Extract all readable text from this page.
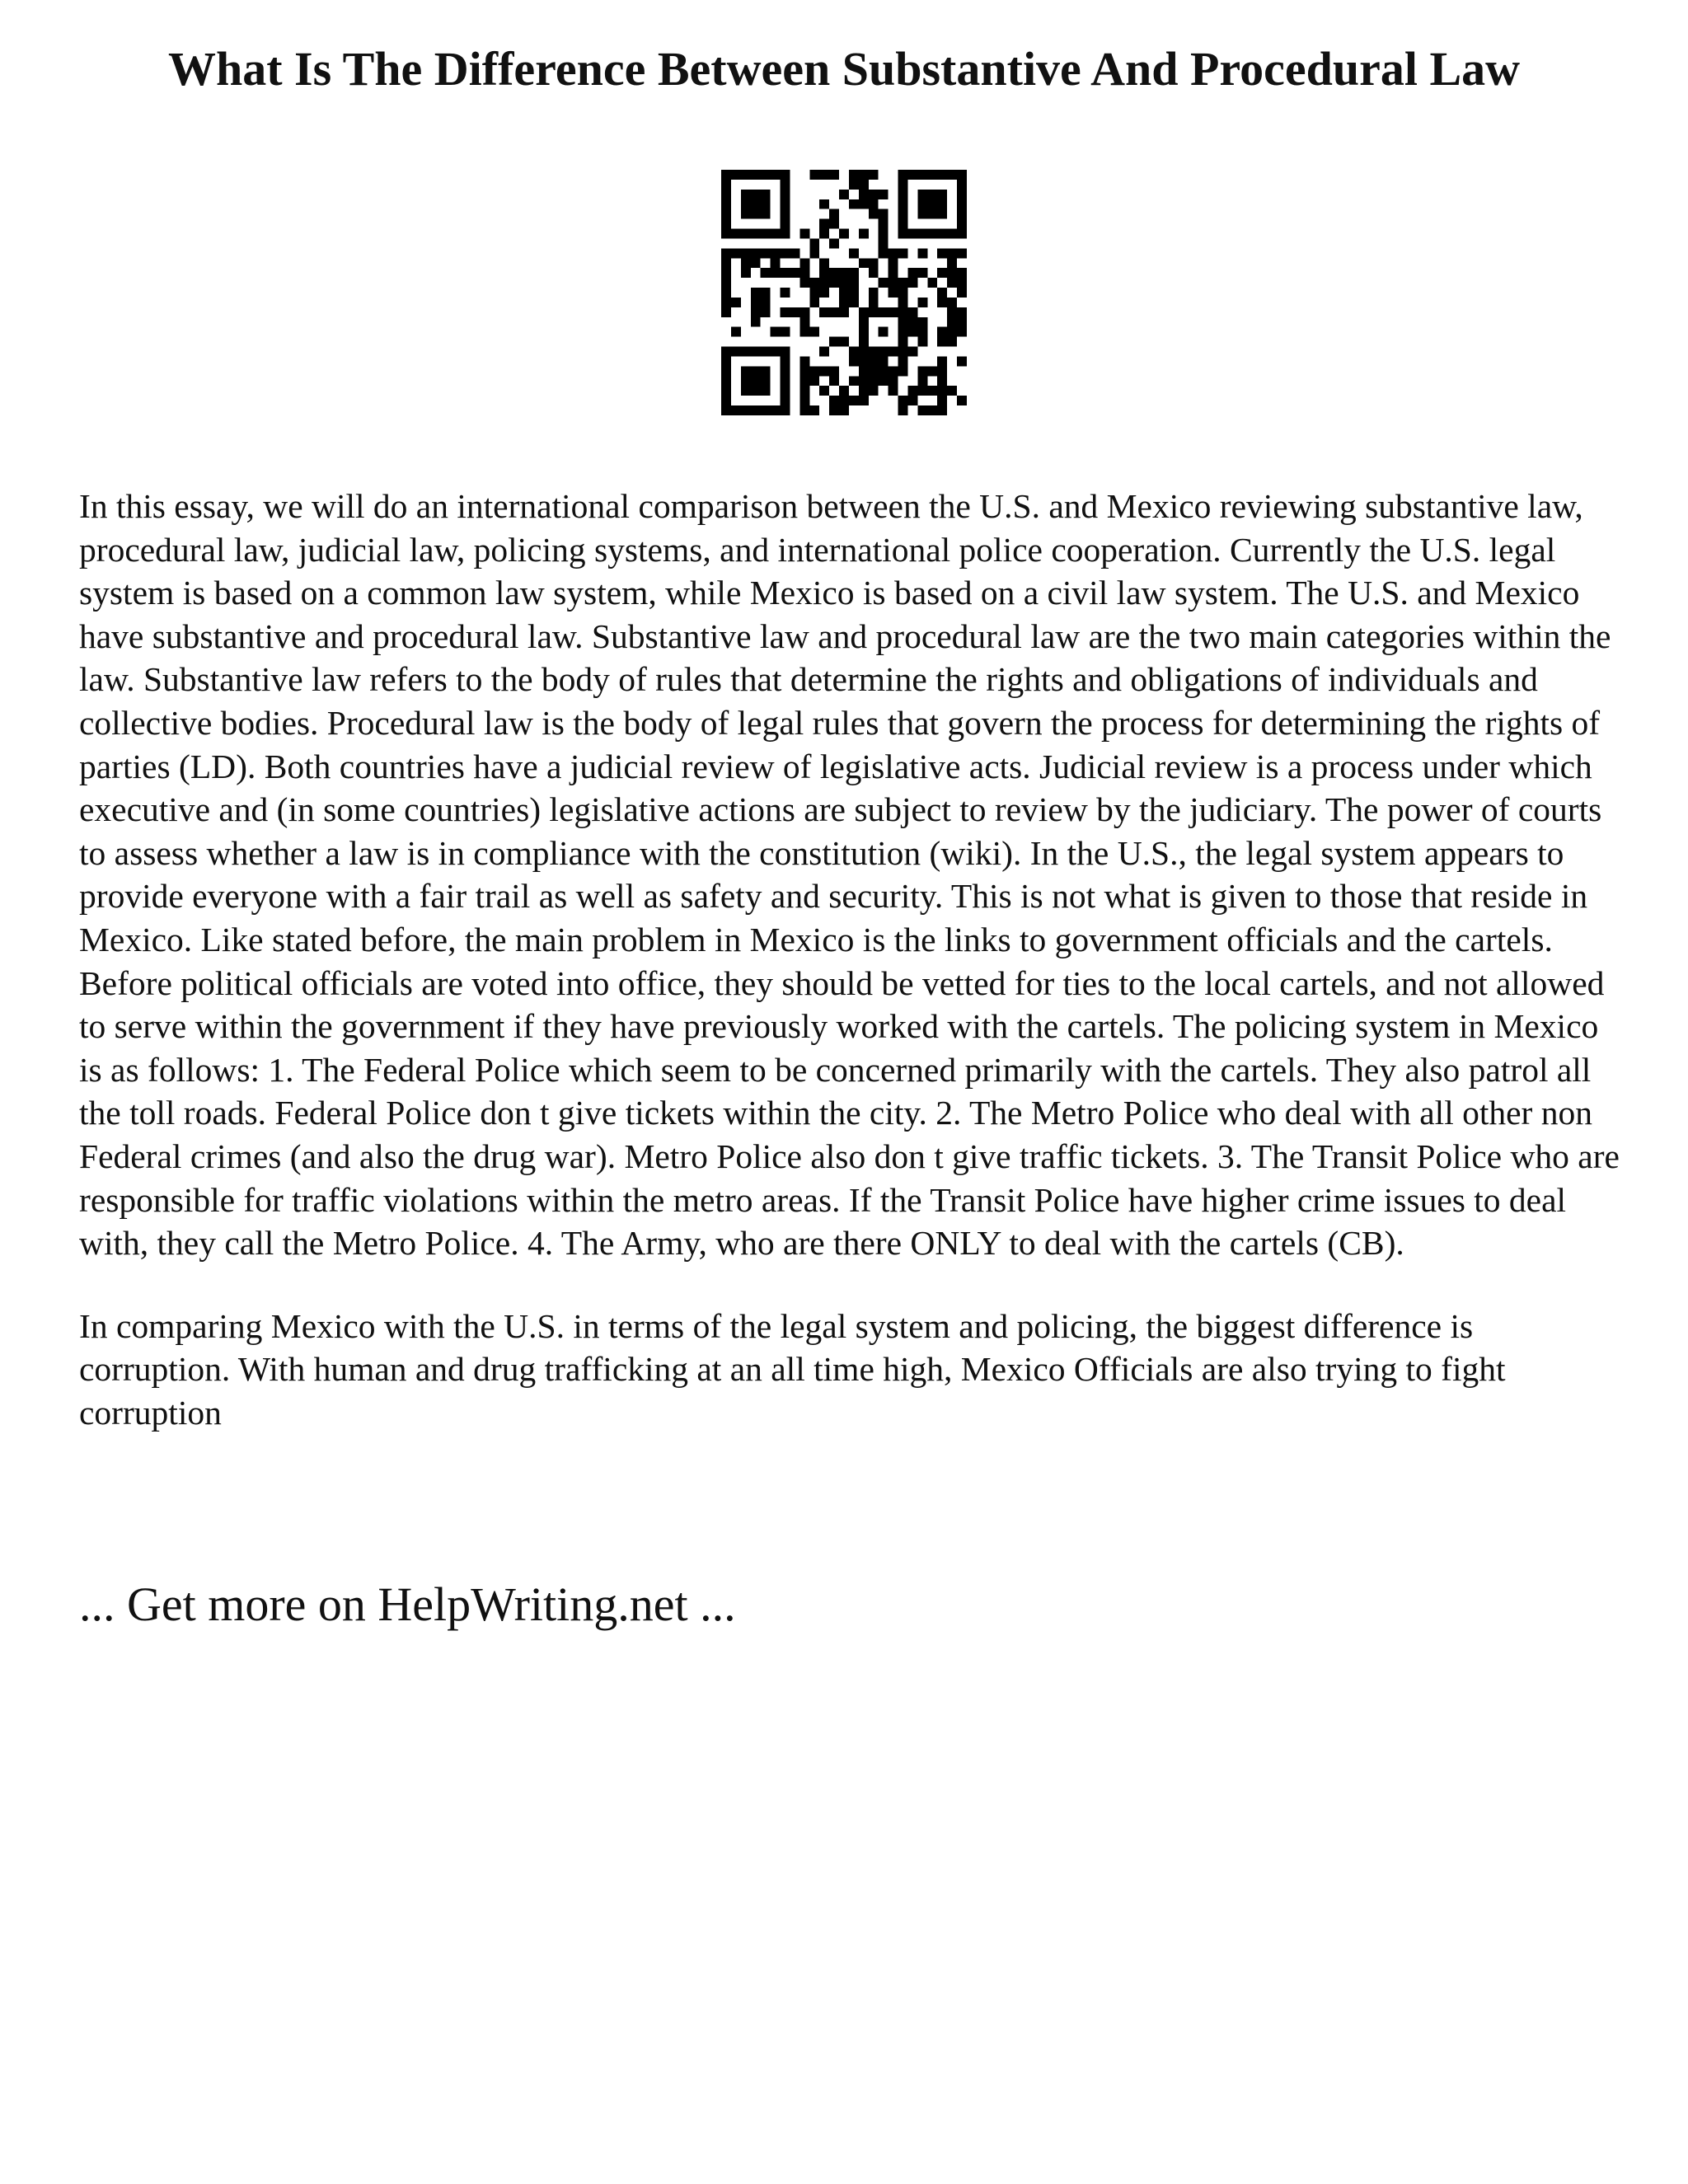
What Is The Difference Between Substantive And Procedural Law

In this essay, we will do an international comparison between the U.S. and Mexico reviewing substantive law, procedural law, judicial law, policing systems, and international police cooperation. Currently the U.S. legal system is based on a common law system, while Mexico is based on a civil law system. The U.S. and Mexico have substantive and procedural law. Substantive law and procedural law are the two main categories within the law. Substantive law refers to the body of rules that determine the rights and obligations of individuals and collective bodies. Procedural law is the body of legal rules that govern the process for determining the rights of parties (LD). Both countries have a judicial review of legislative acts. Judicial review is a process under which executive and (in some countries) legislative actions are subject to review by the judiciary. The power of courts to assess whether a law is in compliance with the constitution (wiki). In the U.S., the legal system appears to provide everyone with a fair trail as well as safety and security. This is not what is given to those that reside in Mexico. Like stated before, the main problem in Mexico is the links to government officials and the cartels. Before political officials are voted into office, they should be vetted for ties to the local cartels, and not allowed to serve within the government if they have previously worked with the cartels. The policing system in Mexico is as follows: 1. The Federal Police which seem to be concerned primarily with the cartels. They also patrol all the toll roads. Federal Police don t give tickets within the city. 2. The Metro Police who deal with all other non Federal crimes (and also the drug war). Metro Police also don t give traffic tickets. 3. The Transit Police who are responsible for traffic violations within the metro areas. If the Transit Police have higher crime issues to deal with, they call the Metro Police. 4. The Army, who are there ONLY to deal with the cartels (CB).

In comparing Mexico with the U.S. in terms of the legal system and policing, the biggest difference is corruption. With human and drug trafficking at an all time high, Mexico Officials are also trying to fight corruption

... Get more on HelpWriting.net ...
